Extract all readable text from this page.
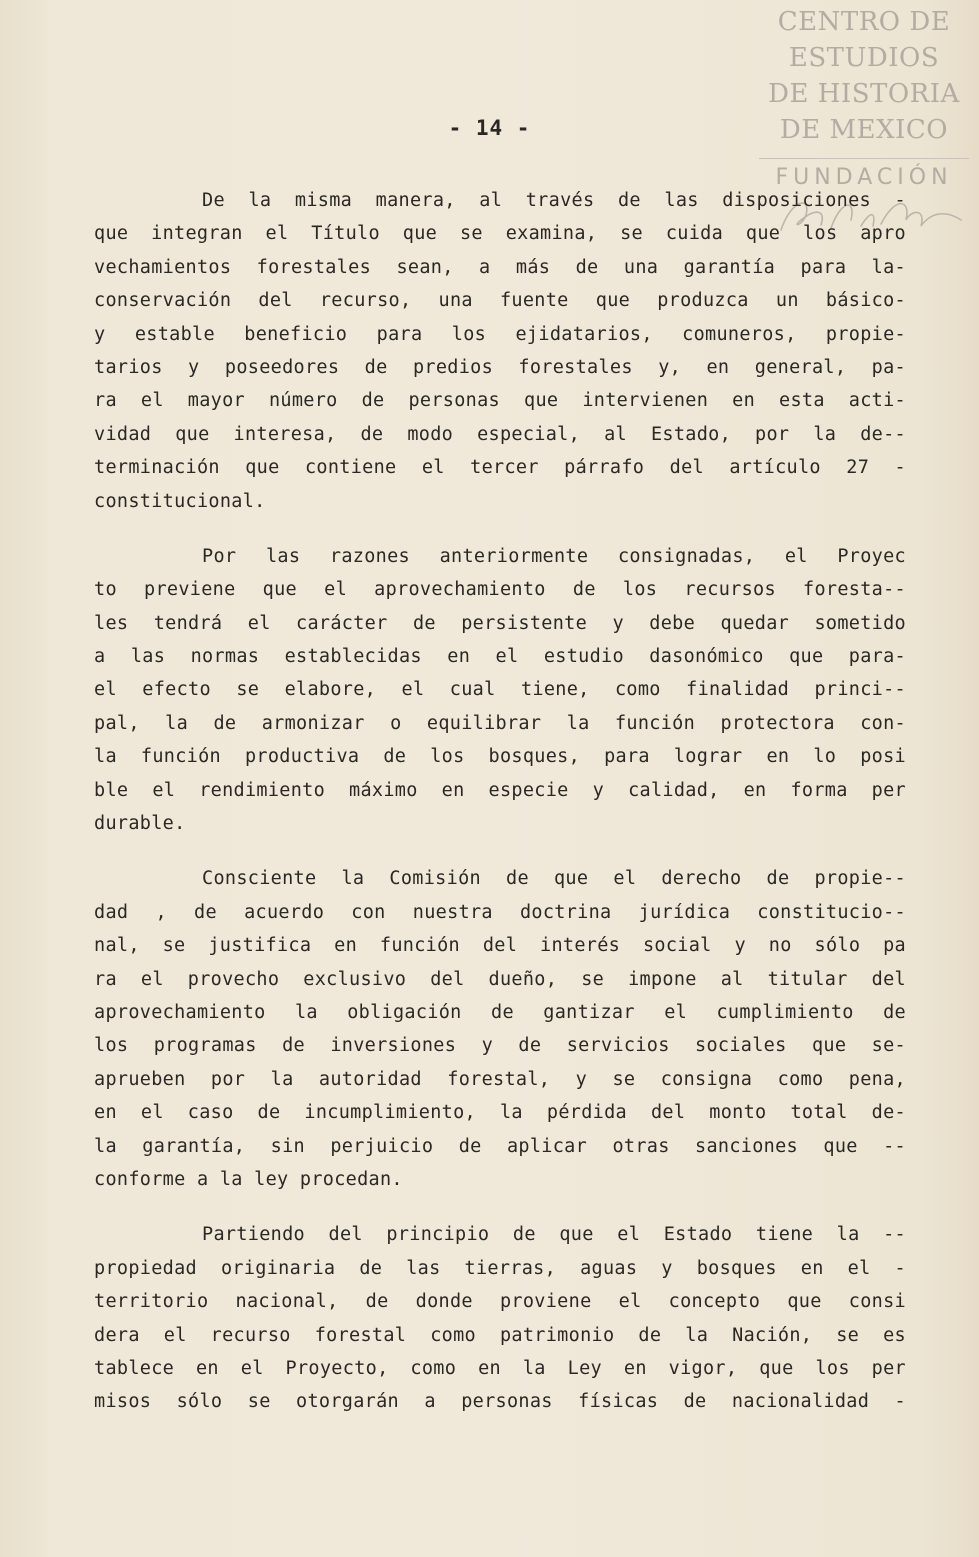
CENTRO DE
ESTUDIOS
DE HISTORIA
DE MEXICO
FUNDACIÓN
- 14 -
De la misma manera, al través de las disposiciones -
que integran el Título que se examina, se cuida que los apro
vechamientos forestales sean, a más de una garantía para la-
conservación del recurso, una fuente que produzca un básico-
y estable beneficio para los ejidatarios, comuneros, propie-
tarios y poseedores de predios forestales y, en general, pa-
ra el mayor número de personas que intervienen en esta acti-
vidad que interesa, de modo especial, al Estado, por la de--
terminación que contiene el tercer párrafo del artículo 27 -
constitucional.
Por las razones anteriormente consignadas, el Proyec
to previene que el aprovechamiento de los recursos foresta--
les tendrá el carácter de persistente y debe quedar sometido
a las normas establecidas en el estudio dasonómico que para-
el efecto se elabore, el cual tiene, como finalidad princi--
pal, la de armonizar o equilibrar la función protectora con-
la función productiva de los bosques, para lograr en lo posi
ble el rendimiento máximo en especie y calidad, en forma per
durable.
Consciente la Comisión de que el derecho de propie--
dad , de acuerdo con nuestra doctrina jurídica constitucio--
nal, se justifica en función del interés social y no sólo pa
ra el provecho exclusivo del dueño, se impone al titular del
aprovechamiento la obligación de gantizar el cumplimiento de
los programas de inversiones y de servicios sociales que se-
aprueben por la autoridad forestal, y se consigna como pena,
en el caso de incumplimiento, la pérdida del monto total de-
la garantía, sin perjuicio de aplicar otras sanciones que --
conforme a la ley procedan.
Partiendo del principio de que el Estado tiene la --
propiedad originaria de las tierras, aguas y bosques en el -
territorio nacional, de donde proviene el concepto que consi
dera el recurso forestal como patrimonio de la Nación, se es
tablece en el Proyecto, como en la Ley en vigor, que los per
misos sólo se otorgarán a personas físicas de nacionalidad -
